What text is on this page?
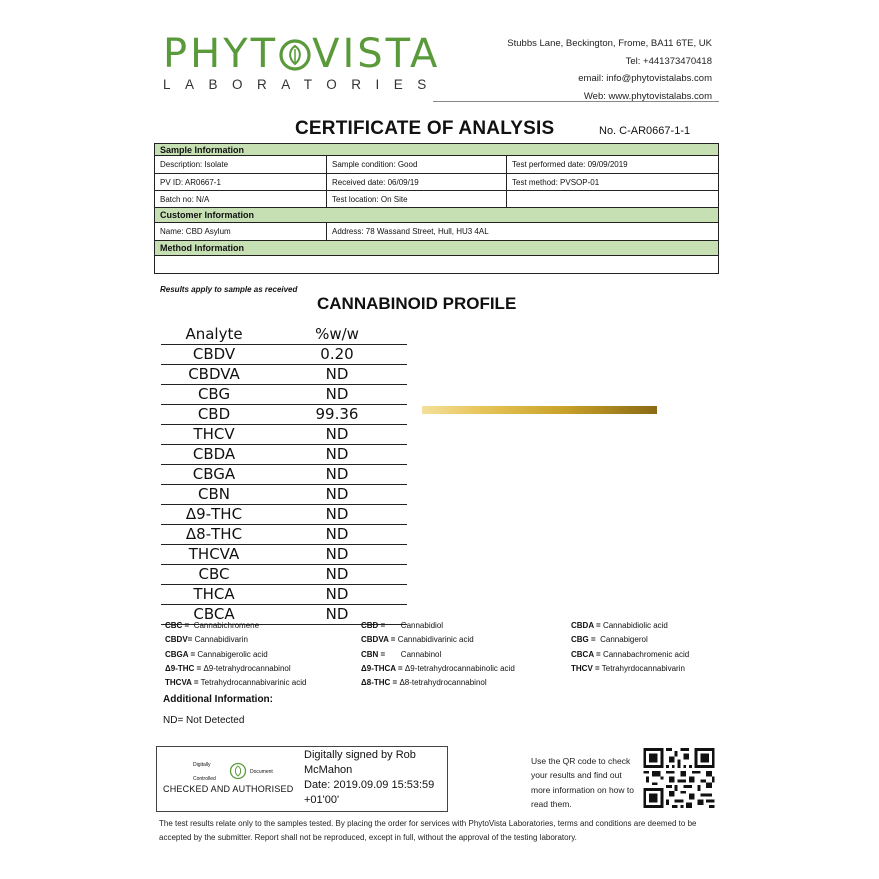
PHYT VISTA
LABORATORIES
Stubbs Lane, Beckington, Frome, BA11 6TE, UK
Tel: +441373470418
email: info@phytovistalabs.com
Web: www.phytovistalabs.com
CERTIFICATE OF ANALYSIS	No. C-AR0667-1-1
Sample Information		
Description: Isolate	Sample condition: Good	Test performed date: 09/09/2019
PV ID: AR0667-1	Received date: 06/09/19	Test method: PVSOP-01
Batch no: N/A	Test location: On Site	
Customer Information		
Name: CBD Asylum	Address: 78 Wassand Street, Hull, HU3 4AL	
Method Information		

Results apply to sample as received
CANNABINOID PROFILE
Analyte	%w/w
CBDV	0.20
CBDVA	ND
CBG	ND
CBD	99.36
THCV	ND
CBDA	ND
CBGA	ND
CBN	ND
Δ9-THC	ND
Δ8-THC	ND
THCVA	ND
CBC	ND
THCA	ND
CBCA	ND
CBC = Cannabichromene
CBDV= Cannabidivarin
CBGA = Cannabigerolic acid
Δ9-THC = Δ9-tetrahydrocannabinol
THCVA = Tetrahydrocannabivarinic acid
CBD = Cannabidiol
CBDVA = Cannabidivarinic acid
CBN = Cannabinol
Δ9-THCA = Δ9-tetrahydrocannabinolic acid
Δ8-THC = Δ8-tetrahydrocannabinol
CBDA = Cannabidiolic acid
CBG = Cannabigerol
CBCA = Cannabachromenic acid
THCV = Tetrahyrdocannabivarin
Additional Information:
ND= Not Detected
Digitally
Document
Controlled
CHECKED AND AUTHORISED
Digitally signed by Rob McMahon
Date: 2019.09.09 15:53:59 +01'00'
Use the QR code to check your results and find out more information on how to read them.
The test results relate only to the samples tested. By placing the order for services with PhytoVista Laboratories, terms and conditions are deemed to be accepted by the submitter. Report shall not be reproduced, except in full, without the approval of the testing laboratory.
